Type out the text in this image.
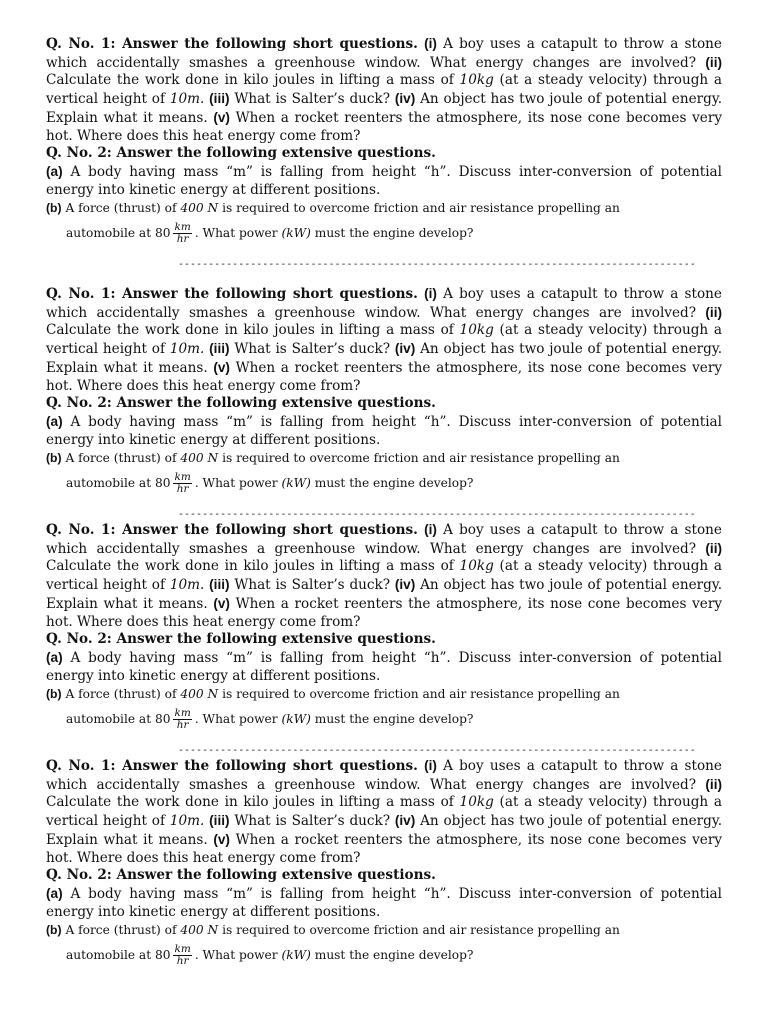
Q. No. 1: Answer the following short questions. (i) A boy uses a catapult to throw a stone which accidentally smashes a greenhouse window. What energy changes are involved? (ii) Calculate the work done in kilo joules in lifting a mass of 10kg (at a steady velocity) through a vertical height of 10m. (iii) What is Salter’s duck? (iv) An object has two joule of potential energy. Explain what it means. (v) When a rocket reenters the atmosphere, its nose cone becomes very hot. Where does this heat energy come from?

Q. No. 2: Answer the following extensive questions.

(a) A body having mass “m” is falling from height “h”. Discuss inter-conversion of potential energy into kinetic energy at different positions.

(b) A force (thrust) of 400 N is required to overcome friction and air resistance propelling an

automobile at
$80 \frac{km}{hr}$ . What power
(kW)
must the engine develop?

--------------------------------------------------------------------------------------

Q. No. 1: Answer the following short questions. (i) A boy uses a catapult to throw a stone which accidentally smashes a greenhouse window. What energy changes are involved? (ii) Calculate the work done in kilo joules in lifting a mass of 10kg (at a steady velocity) through a vertical height of 10m. (iii) What is Salter’s duck? (iv) An object has two joule of potential energy. Explain what it means. (v) When a rocket reenters the atmosphere, its nose cone becomes very hot. Where does this heat energy come from?

Q. No. 2: Answer the following extensive questions.

(a) A body having mass “m” is falling from height “h”. Discuss inter-conversion of potential energy into kinetic energy at different positions.

(b) A force (thrust) of 400 N is required to overcome friction and air resistance propelling an

automobile at
$80 \frac{km}{hr}$ . What power
(kW)
must the engine develop?

--------------------------------------------------------------------------------------

Q. No. 1: Answer the following short questions. (i) A boy uses a catapult to throw a stone which accidentally smashes a greenhouse window. What energy changes are involved? (ii) Calculate the work done in kilo joules in lifting a mass of 10kg (at a steady velocity) through a vertical height of 10m. (iii) What is Salter’s duck? (iv) An object has two joule of potential energy. Explain what it means. (v) When a rocket reenters the atmosphere, its nose cone becomes very hot. Where does this heat energy come from?

Q. No. 2: Answer the following extensive questions.

(a) A body having mass “m” is falling from height “h”. Discuss inter-conversion of potential energy into kinetic energy at different positions.

(b) A force (thrust) of 400 N is required to overcome friction and air resistance propelling an

automobile at
$80 \frac{km}{hr}$ . What power
(kW)
must the engine develop?

--------------------------------------------------------------------------------------

Q. No. 1: Answer the following short questions. (i) A boy uses a catapult to throw a stone which accidentally smashes a greenhouse window. What energy changes are involved? (ii) Calculate the work done in kilo joules in lifting a mass of 10kg (at a steady velocity) through a vertical height of 10m. (iii) What is Salter’s duck? (iv) An object has two joule of potential energy. Explain what it means. (v) When a rocket reenters the atmosphere, its nose cone becomes very hot. Where does this heat energy come from?

Q. No. 2: Answer the following extensive questions.

(a) A body having mass “m” is falling from height “h”. Discuss inter-conversion of potential energy into kinetic energy at different positions.

(b) A force (thrust) of 400 N is required to overcome friction and air resistance propelling an

automobile at
$80 \frac{km}{hr}$ . What power
(kW)
must the engine develop?
